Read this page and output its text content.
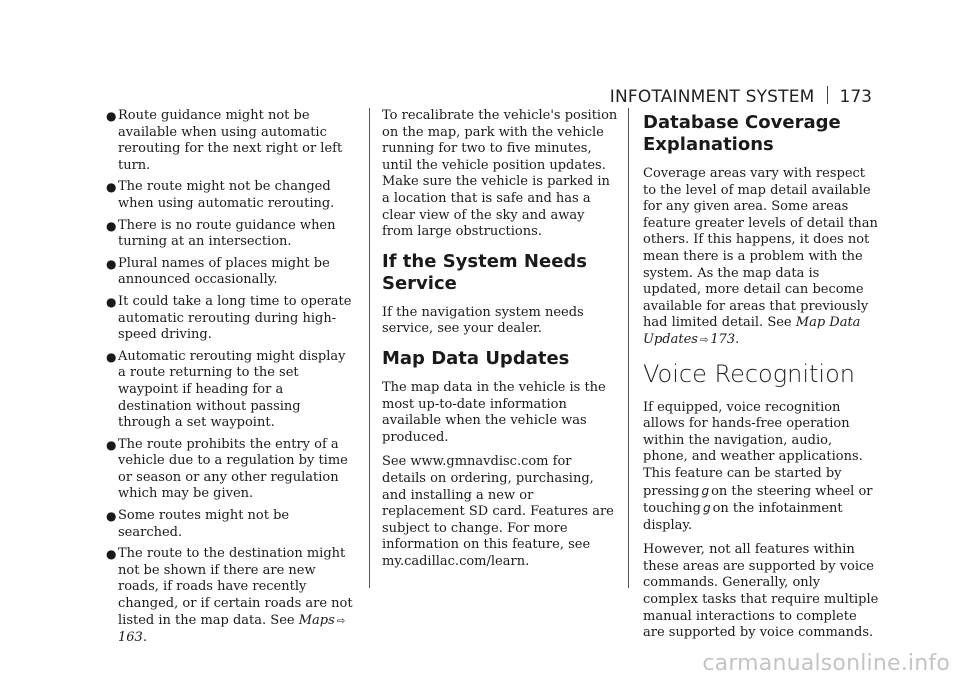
INFOTAINMENT SYSTEM 173
● Route guidance might not be available when using automatic rerouting for the next right or left turn.
● The route might not be changed when using automatic rerouting.
● There is no route guidance when turning at an intersection.
● Plural names of places might be announced occasionally.
● It could take a long time to operate automatic rerouting during high-speed driving.
● Automatic rerouting might display a route returning to the set waypoint if heading for a destination without passing through a set waypoint.
● The route prohibits the entry of a vehicle due to a regulation by time or season or any other regulation which may be given.
● Some routes might not be searched.
● The route to the destination might not be shown if there are new roads, if roads have recently changed, or if certain roads are not listed in the map data. See Maps ⇨163.

To recalibrate the vehicle's position on the map, park with the vehicle running for two to five minutes, until the vehicle position updates. Make sure the vehicle is parked in a location that is safe and has a clear view of the sky and away from large obstructions.

If the System Needs Service

If the navigation system needs service, see your dealer.

Map Data Updates

The map data in the vehicle is the most up-to-date information available when the vehicle was produced.

See www.gmnavdisc.com for details on ordering, purchasing, and installing a new or replacement SD card. Features are subject to change. For more information on this feature, see my.cadillac.com/learn.

Database Coverage Explanations

Coverage areas vary with respect to the level of map detail available for any given area. Some areas feature greater levels of detail than others. If this happens, it does not mean there is a problem with the system. As the map data is updated, more detail can become available for areas that previously had limited detail. See Map Data Updates ⇨ 173.

Voice Recognition

If equipped, voice recognition allows for hands-free operation within the navigation, audio, phone, and weather applications. This feature can be started by pressing g on the steering wheel or touching g on the infotainment display.

However, not all features within these areas are supported by voice commands. Generally, only complex tasks that require multiple manual interactions to complete are supported by voice commands.

carmanualsonline.info
